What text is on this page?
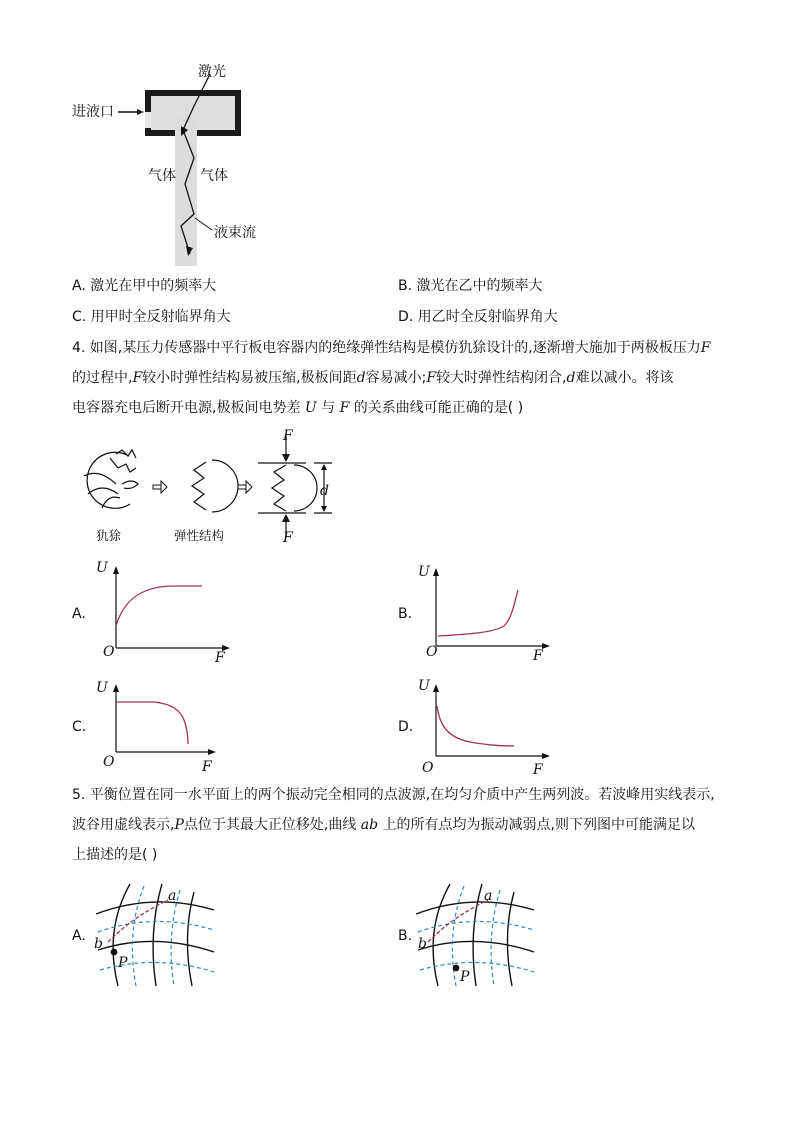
激光
进液口
气体 气体
液束流
A. 激光在甲中的频率大	B. 激光在乙中的频率大
C. 用甲时全反射临界角大	D. 用乙时全反射临界角大
4. 如图,某压力传感器中平行板电容器内的绝缘弹性结构是模仿犰狳设计的,逐渐增大施加于两极板压力F
的过程中,F较小时弹性结构易被压缩,极板间距d容易减小;F较大时弹性结构闭合,d难以减小。将该
电容器充电后断开电源,极板间电势差 U 与 F 的关系曲线可能正确的是( )
F
F
d
犰狳	弹性结构
A.
U
F
O
B.
U
F
O
C.
U
F
O
D.
U
F
O
5. 平衡位置在同一水平面上的两个振动完全相同的点波源,在均匀介质中产生两列波。若波峰用实线表示,
波谷用虚线表示,P点位于其最大正位移处,曲线 ab 上的所有点均为振动减弱点,则下列图中可能满足以
上描述的是( )
A.
a
b
P
B.
a
b
P
